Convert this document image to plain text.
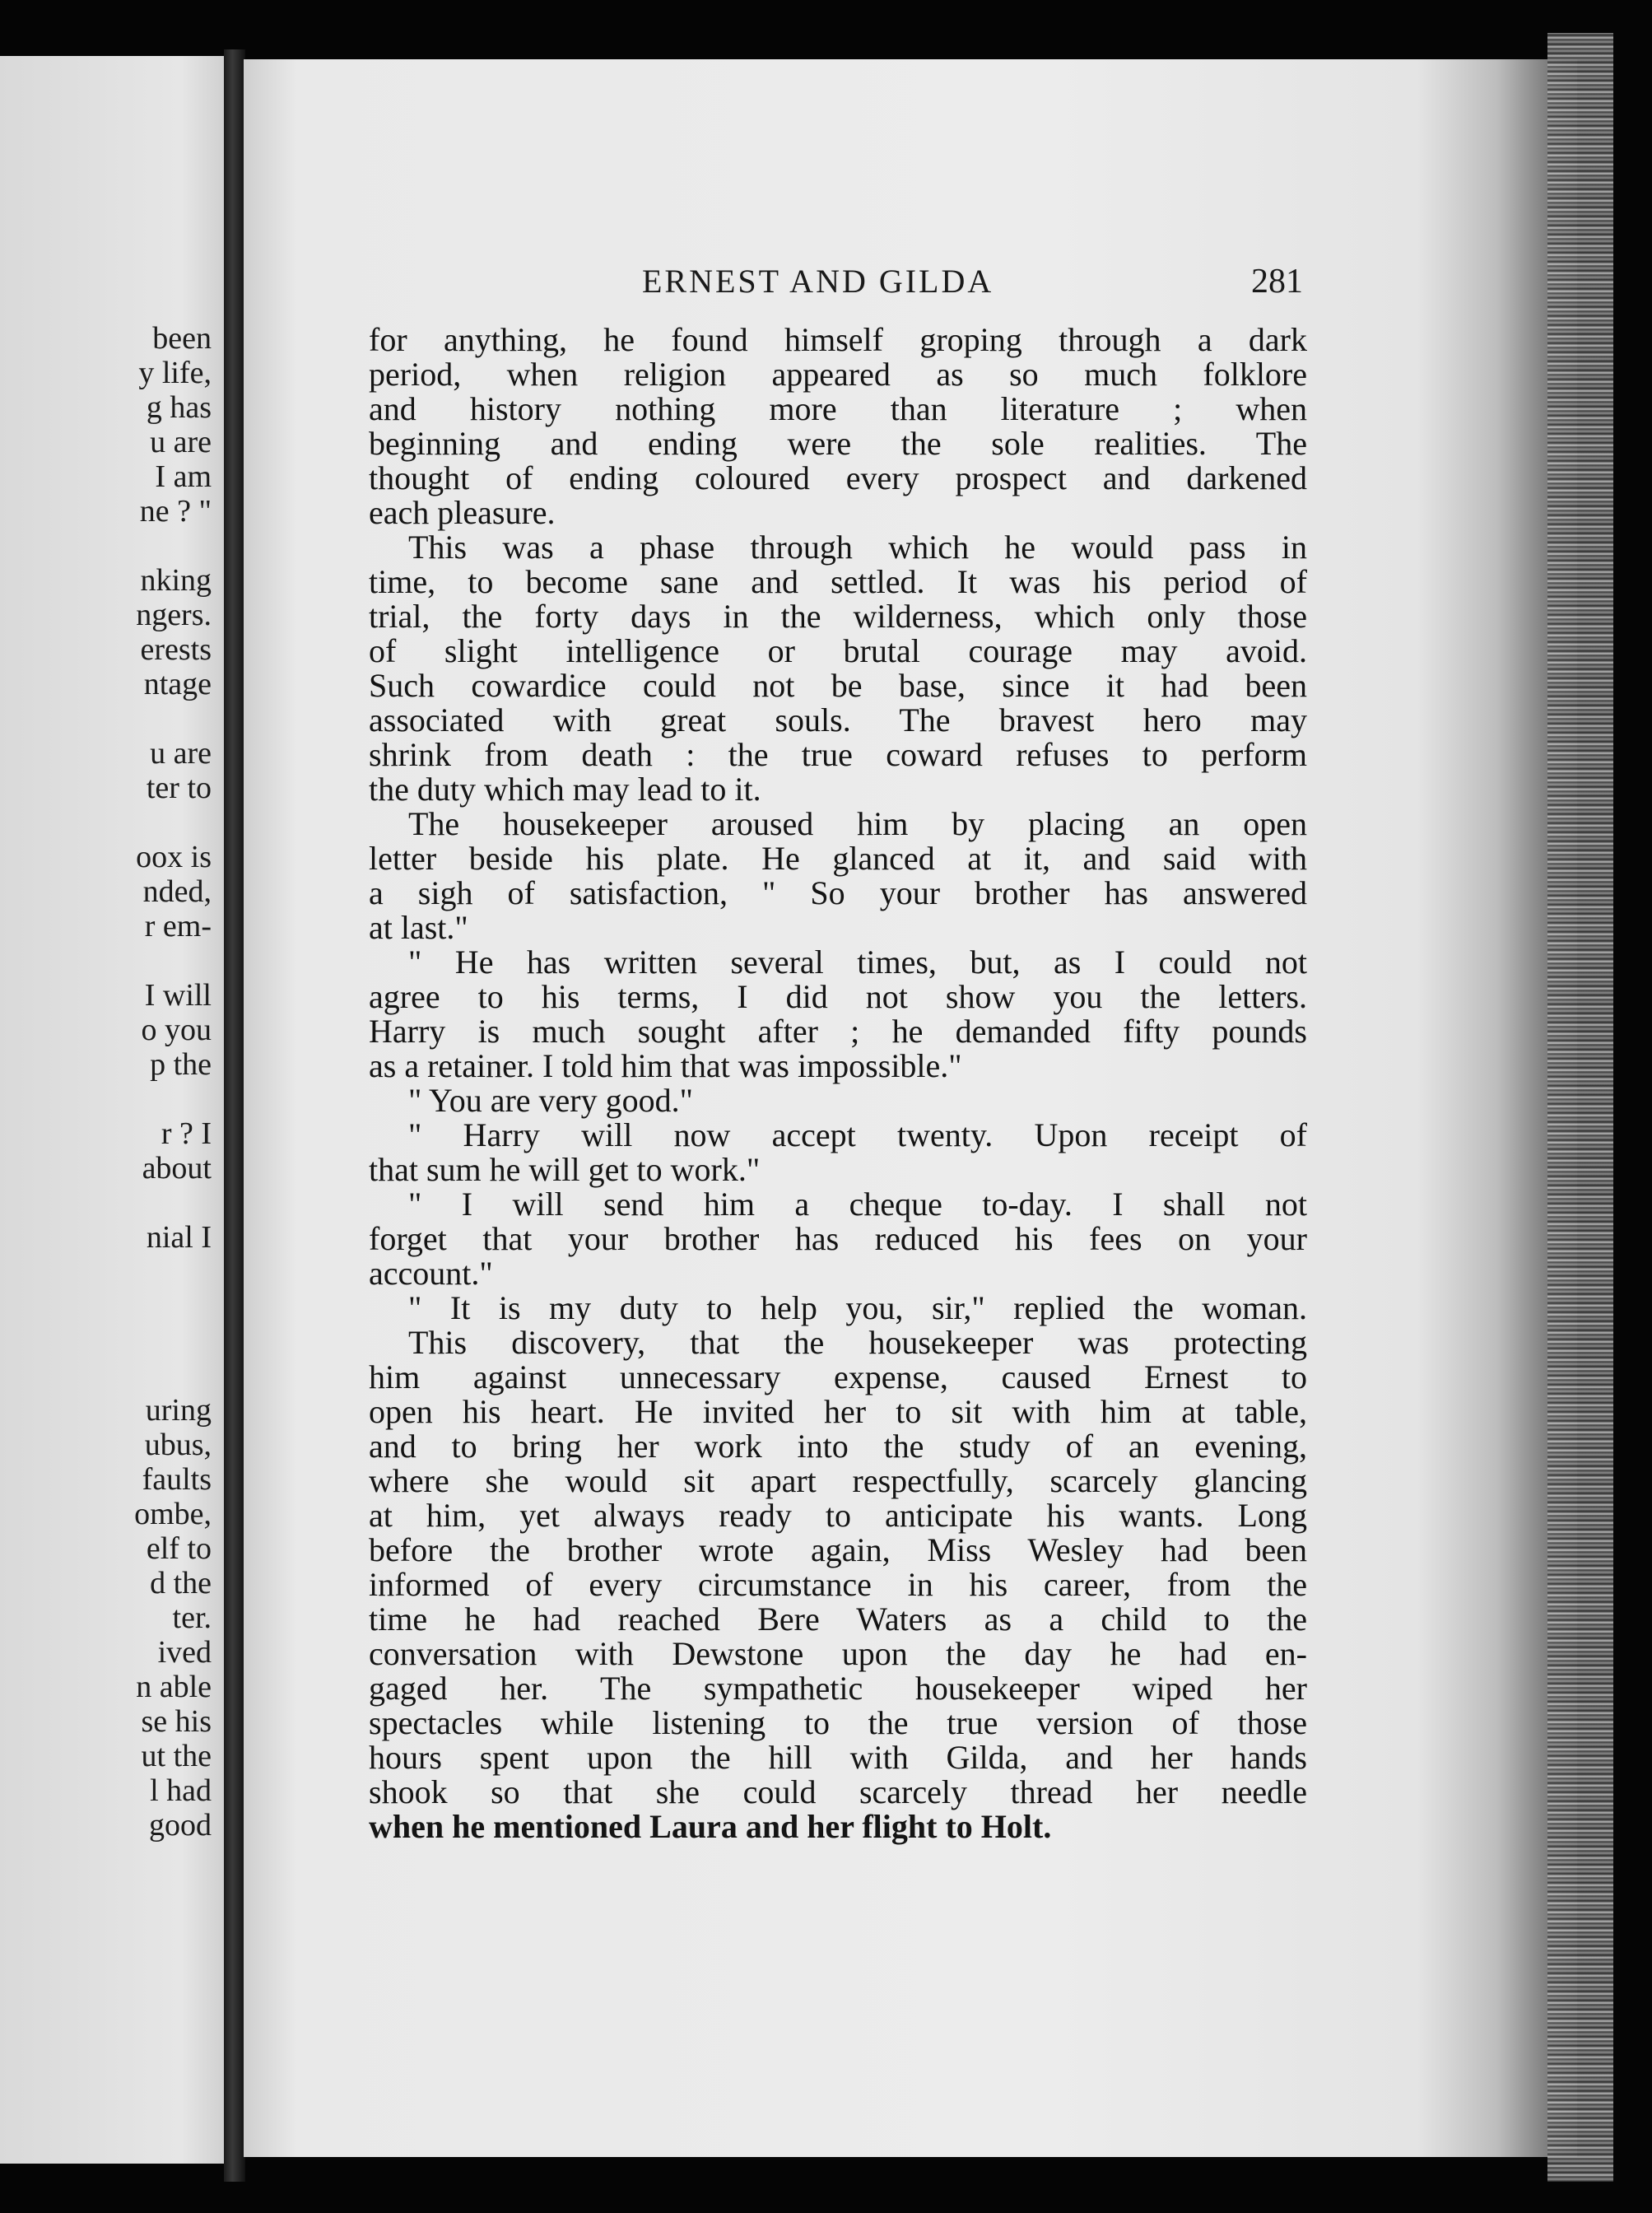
been
y life,
g has
u are
I am
ne ? "
nking
ngers.
erests
ntage
u are
ter to
oox is
nded,
r em-
I will
o you
p the
r ? I
about
nial I
uring
ubus,
faults
ombe,
elf to
d the
ter.
ived
n able
se his
ut the
l had
good
ERNEST AND GILDA	281
for anything, he found himself groping through a dark
period, when religion appeared as so much folklore
and history nothing more than literature ; when
beginning and ending were the sole realities. The
thought of ending coloured every prospect and darkened
each pleasure.
This was a phase through which he would pass in
time, to become sane and settled. It was his period of
trial, the forty days in the wilderness, which only those
of slight intelligence or brutal courage may avoid.
Such cowardice could not be base, since it had been
associated with great souls. The bravest hero may
shrink from death : the true coward refuses to perform
the duty which may lead to it.
The housekeeper aroused him by placing an open
letter beside his plate. He glanced at it, and said with
a sigh of satisfaction, " So your brother has answered
at last."
" He has written several times, but, as I could not
agree to his terms, I did not show you the letters.
Harry is much sought after ; he demanded fifty pounds
as a retainer. I told him that was impossible."
" You are very good."
" Harry will now accept twenty. Upon receipt of
that sum he will get to work."
" I will send him a cheque to-day. I shall not
forget that your brother has reduced his fees on your
account."
" It is my duty to help you, sir," replied the woman.
This discovery, that the housekeeper was protecting
him against unnecessary expense, caused Ernest to
open his heart. He invited her to sit with him at table,
and to bring her work into the study of an evening,
where she would sit apart respectfully, scarcely glancing
at him, yet always ready to anticipate his wants. Long
before the brother wrote again, Miss Wesley had been
informed of every circumstance in his career, from the
time he had reached Bere Waters as a child to the
conversation with Dewstone upon the day he had en-
gaged her. The sympathetic housekeeper wiped her
spectacles while listening to the true version of those
hours spent upon the hill with Gilda, and her hands
shook so that she could scarcely thread her needle
when he mentioned Laura and her flight to Holt.
